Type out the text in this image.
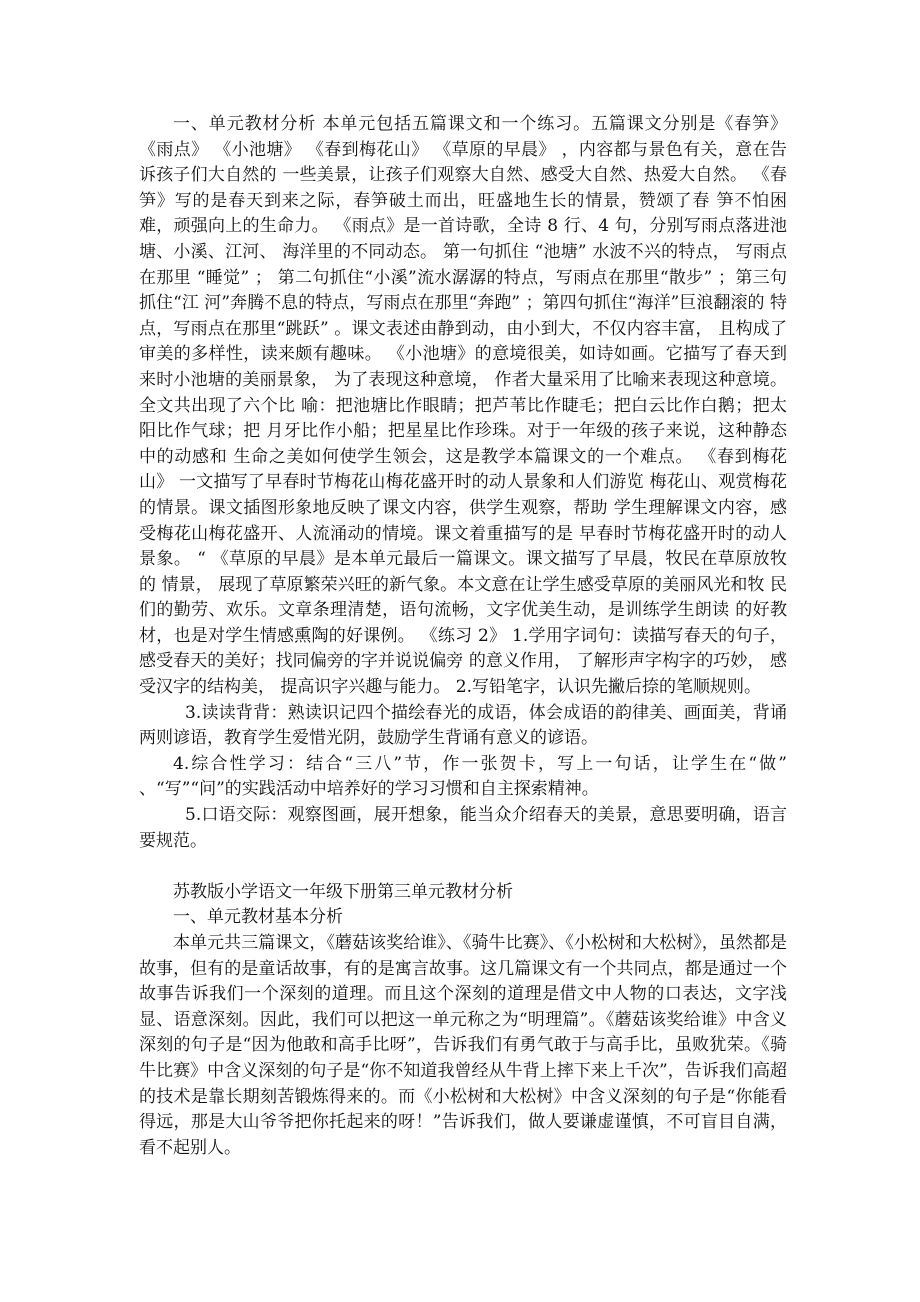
一、单元教材分析 本单元包括五篇课文和一个练习。五篇课文分别是《春笋》 《雨点》 《小池塘》 《春到梅花山》 《草原的早晨》 ，内容都与景色有关，意在告诉孩子们大自然的 一些美景，让孩子们观察大自然、感受大自然、热爱大自然。 《春笋》写的是春天到来之际，春笋破土而出，旺盛地生长的情景，赞颂了春 笋不怕困难，顽强向上的生命力。 《雨点》是一首诗歌，全诗 8 行、4 句，分别写雨点落进池塘、小溪、江河、 海洋里的不同动态。 第一句抓住 “池塘” 水波不兴的特点， 写雨点在那里 “睡觉” ； 第二句抓住“小溪”流水潺潺的特点，写雨点在那里“散步” ；第三句抓住“江 河”奔腾不息的特点，写雨点在那里“奔跑” ；第四句抓住“海洋”巨浪翻滚的 特点，写雨点在那里“跳跃” 。课文表述由静到动，由小到大，不仅内容丰富， 且构成了审美的多样性，读来颇有趣味。 《小池塘》的意境很美，如诗如画。它描写了春天到来时小池塘的美丽景象， 为了表现这种意境， 作者大量采用了比喻来表现这种意境。全文共出现了六个比 喻：把池塘比作眼睛；把芦苇比作睫毛；把白云比作白鹅；把太阳比作气球；把 月牙比作小船；把星星比作珍珠。对于一年级的孩子来说，这种静态中的动感和 生命之美如何使学生领会，这是教学本篇课文的一个难点。 《春到梅花山》 一文描写了早春时节梅花山梅花盛开时的动人景象和人们游览 梅花山、观赏梅花的情景。课文插图形象地反映了课文内容，供学生观察，帮助 学生理解课文内容，感受梅花山梅花盛开、人流涌动的情境。课文着重描写的是 早春时节梅花盛开时的动人景象。 “ 《草原的早晨》是本单元最后一篇课文。课文描写了早晨，牧民在草原放牧的 情景， 展现了草原繁荣兴旺的新气象。本文意在让学生感受草原的美丽风光和牧 民们的勤劳、欢乐。文章条理清楚，语句流畅，文字优美生动，是训练学生朗读 的好教材，也是对学生情感熏陶的好课例。 《练习 2》 1.学用字词句：读描写春天的句子，感受春天的美好；找同偏旁的字并说说偏旁 的意义作用， 了解形声字构字的巧妙， 感受汉字的结构美， 提高识字兴趣与能力。 2.写铅笔字，认识先撇后捺的笔顺规则。

3.读读背背：熟读识记四个描绘春光的成语，体会成语的韵律美、画面美，背诵 两则谚语，教育学生爱惜光阴，鼓励学生背诵有意义的谚语。

4.综合性学习：结合“三八”节，作一张贺卡，写上一句话，让学生在“做” 、“写”“问”的实践活动中培养好的学习习惯和自主探索精神。

5.口语交际：观察图画，展开想象，能当众介绍春天的美景，意思要明确，语言 要规范。

苏教版小学语文一年级下册第三单元教材分析

一、单元教材基本分析

本单元共三篇课文，《蘑菇该奖给谁》、《骑牛比赛》、《小松树和大松树》，虽然都是故事，但有的是童话故事，有的是寓言故事。这几篇课文有一个共同点，都是通过一个故事告诉我们一个深刻的道理。而且这个深刻的道理是借文中人物的口表达，文字浅显、语意深刻。因此，我们可以把这一单元称之为“明理篇”。《蘑菇该奖给谁》中含义深刻的句子是“因为他敢和高手比呀”，告诉我们有勇气敢于与高手比，虽败犹荣。《骑牛比赛》中含义深刻的句子是“你不知道我曾经从牛背上摔下来上千次”，告诉我们高超的技术是靠长期刻苦锻炼得来的。而《小松树和大松树》中含义深刻的句子是“你能看得远，那是大山爷爷把你托起来的呀！”告诉我们，做人要谦虚谨慎，不可盲目自满，看不起别人。
